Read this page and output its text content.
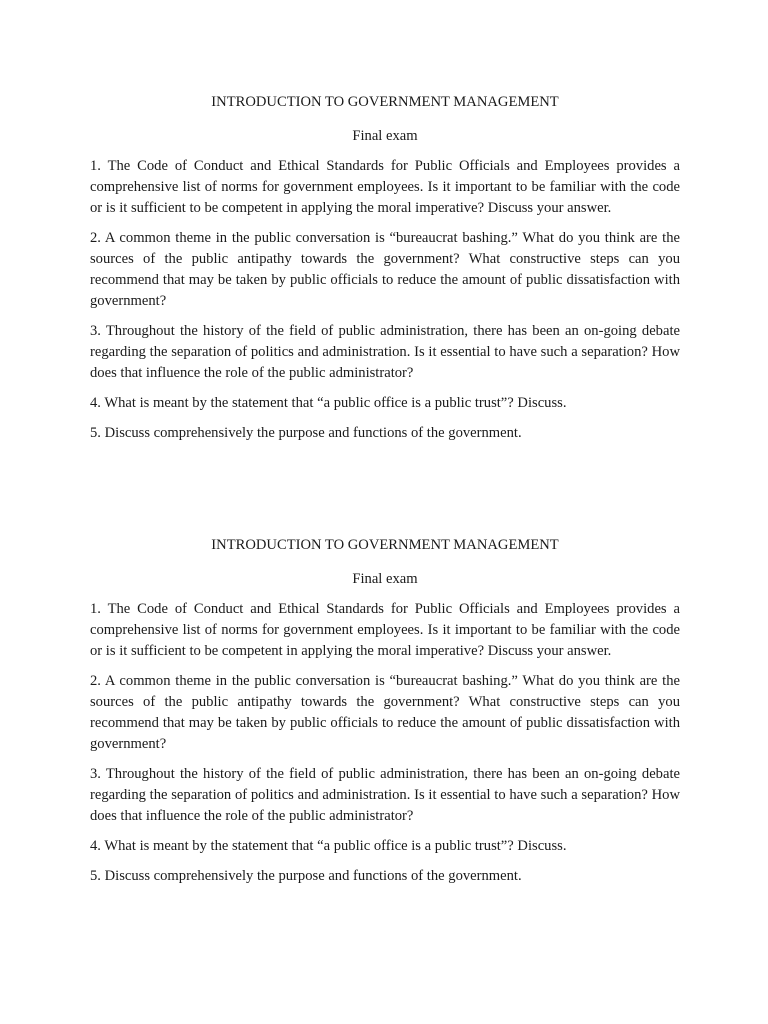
INTRODUCTION TO GOVERNMENT MANAGEMENT
Final exam
1. The Code of Conduct and Ethical Standards for Public Officials and Employees provides a comprehensive list of norms for government employees. Is it important to be familiar with the code or is it sufficient to be competent in applying the moral imperative? Discuss your answer.
2. A common theme in the public conversation is “bureaucrat bashing.” What do you think are the sources of the public antipathy towards the government? What constructive steps can you recommend that may be taken by public officials to reduce the amount of public dissatisfaction with government?
3. Throughout the history of the field of public administration, there has been an on-going debate regarding the separation of politics and administration. Is it essential to have such a separation? How does that influence the role of the public administrator?
4. What is meant by the statement that “a public office is a public trust”? Discuss.
5. Discuss comprehensively the purpose and functions of the government.
INTRODUCTION TO GOVERNMENT MANAGEMENT
Final exam
1. The Code of Conduct and Ethical Standards for Public Officials and Employees provides a comprehensive list of norms for government employees. Is it important to be familiar with the code or is it sufficient to be competent in applying the moral imperative? Discuss your answer.
2. A common theme in the public conversation is “bureaucrat bashing.” What do you think are the sources of the public antipathy towards the government? What constructive steps can you recommend that may be taken by public officials to reduce the amount of public dissatisfaction with government?
3. Throughout the history of the field of public administration, there has been an on-going debate regarding the separation of politics and administration. Is it essential to have such a separation? How does that influence the role of the public administrator?
4. What is meant by the statement that “a public office is a public trust”? Discuss.
5. Discuss comprehensively the purpose and functions of the government.
